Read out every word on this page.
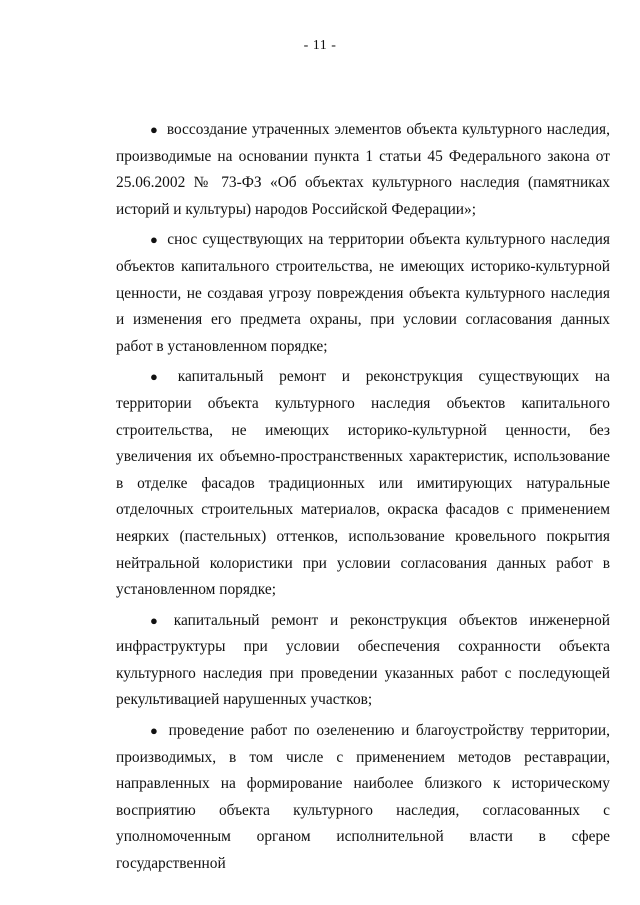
- 11 -

● воссоздание утраченных элементов объекта культурного наследия, производимые на основании пункта 1 статьи 45 Федерального закона от 25.06.2002 № 73-ФЗ «Об объектах культурного наследия (памятниках историй и культуры) народов Российской Федерации»;

● снос существующих на территории объекта культурного наследия объектов капитального строительства, не имеющих историко-культурной ценности, не создавая угрозу повреждения объекта культурного наследия и изменения его предмета охраны, при условии согласования данных работ в установленном порядке;

● капитальный ремонт и реконструкция существующих на территории объекта культурного наследия объектов капитального строительства, не имеющих историко-культурной ценности, без увеличения их объемно-пространственных характеристик, использование в отделке фасадов традиционных или имитирующих натуральные отделочных строительных материалов, окраска фасадов с применением неярких (пастельных) оттенков, использование кровельного покрытия нейтральной колористики при условии согласования данных работ в установленном порядке;

● капитальный ремонт и реконструкция объектов инженерной инфраструктуры при условии обеспечения сохранности объекта культурного наследия при проведении указанных работ с последующей рекультивацией нарушенных участков;

● проведение работ по озеленению и благоустройству территории, производимых, в том числе с применением методов реставрации, направленных на формирование наиболее близкого к историческому восприятию объекта культурного наследия, согласованных с уполномоченным органом исполнительной власти в сфере государственной
